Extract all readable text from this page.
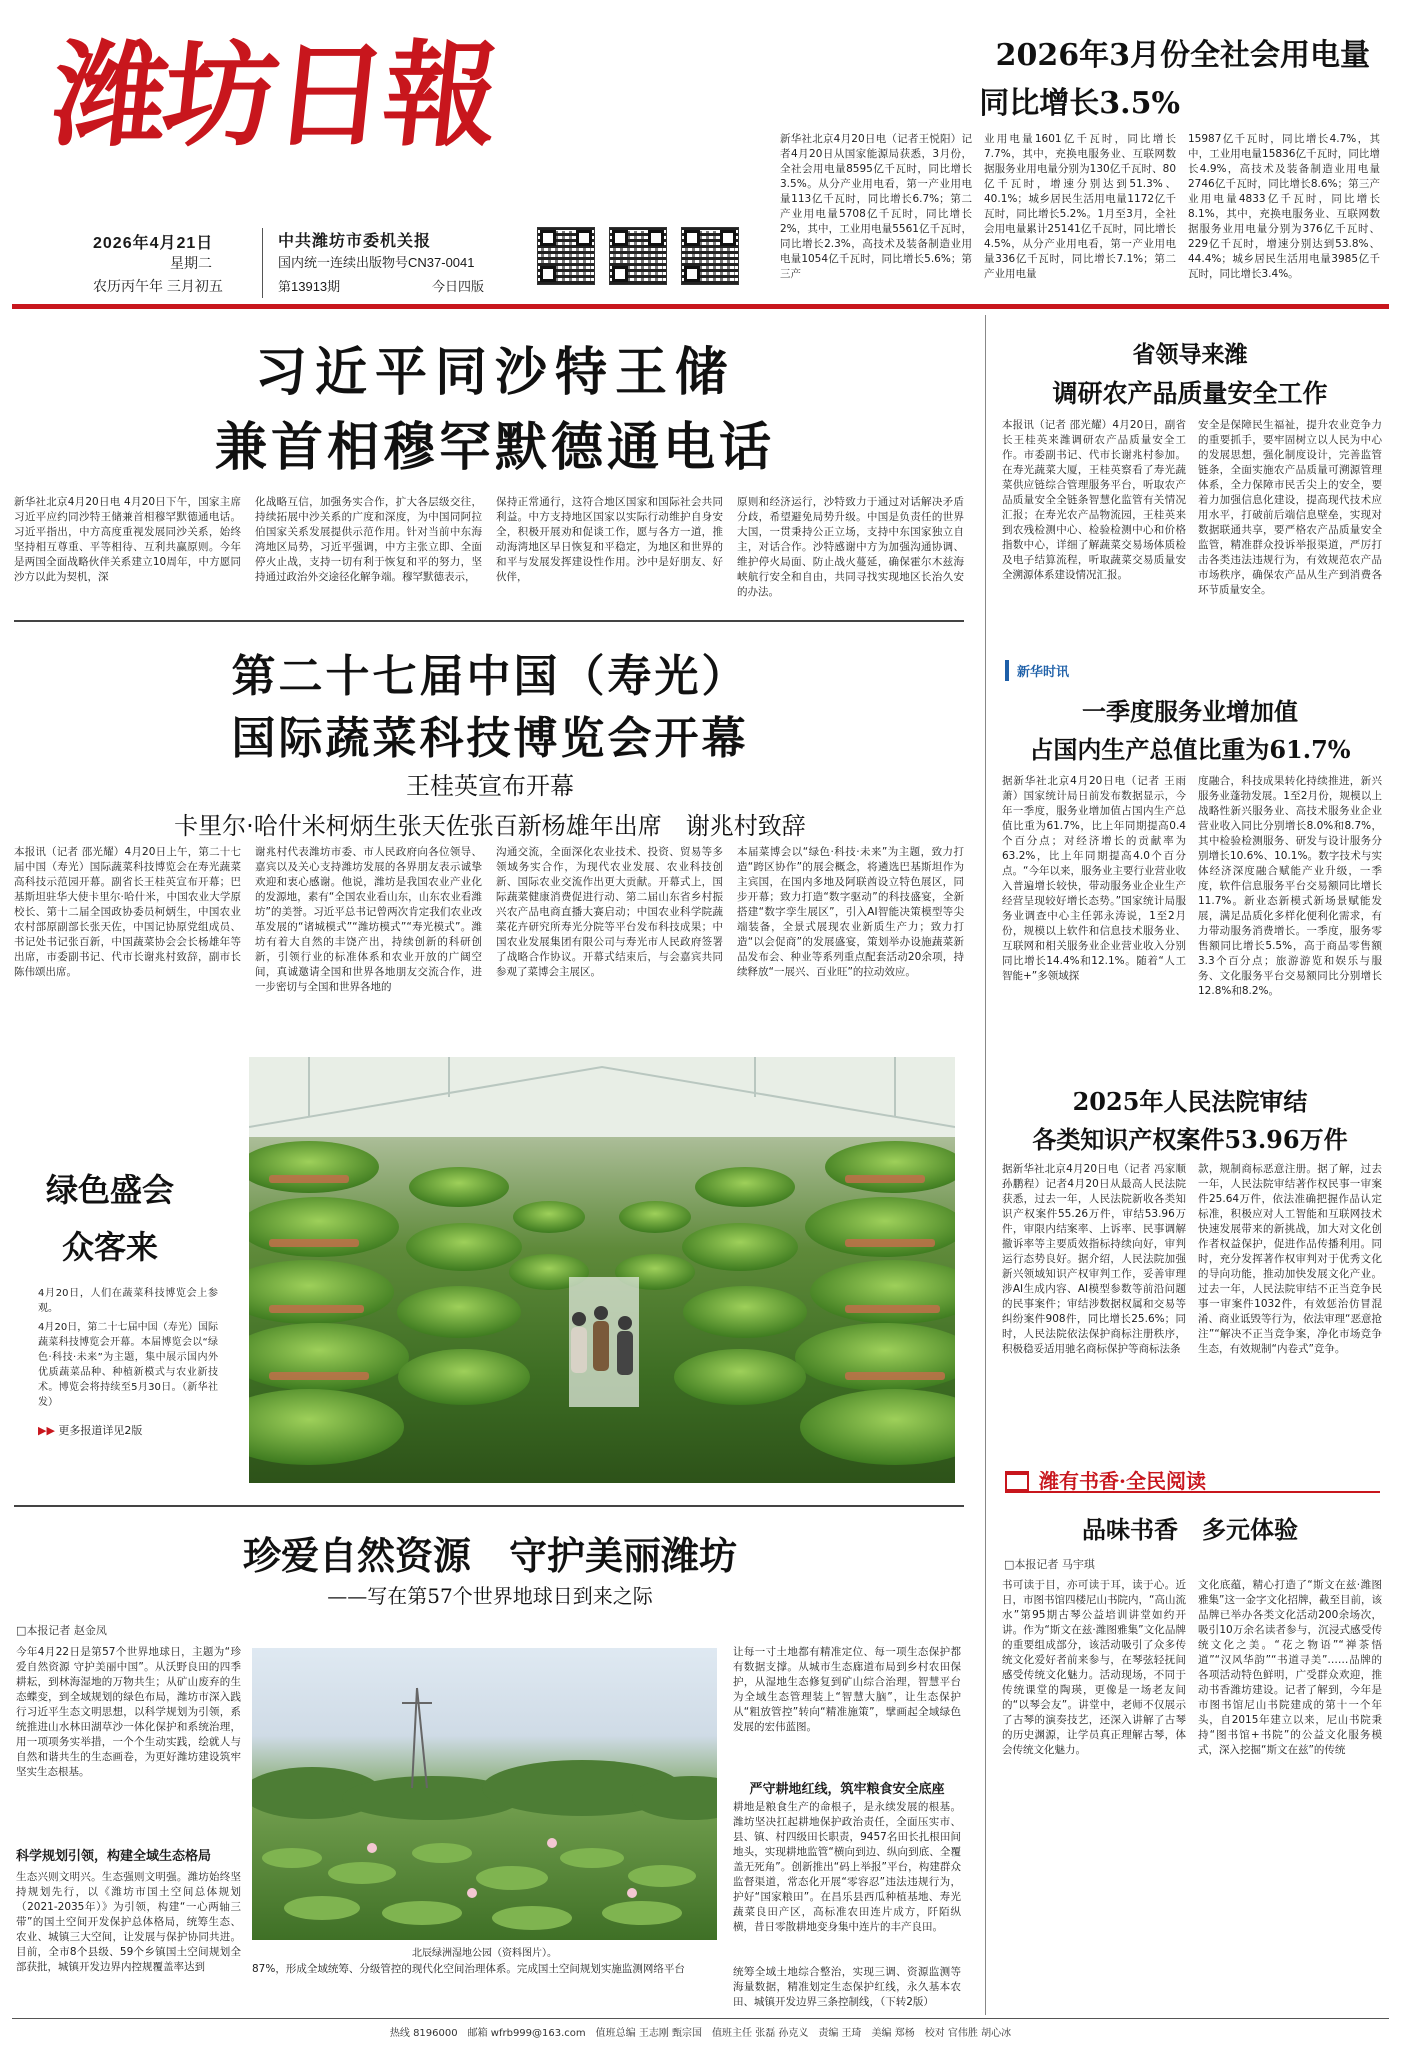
潍坊日報
2026年4月21日
星期二
农历丙午年 三月初五
中共潍坊市委机关报
国内统一连续出版物号CN37-0041
第13913期	今日四版
2026年3月份全社会用电量
同比增长3.5%
新华社北京4月20日电（记者王悦阳）记者4月20日从国家能源局获悉，3月份，全社会用电量8595亿千瓦时，同比增长3.5%。从分产业用电看，第一产业用电量113亿千瓦时，同比增长6.7%；第二产业用电量5708亿千瓦时，同比增长2%，其中，工业用电量5561亿千瓦时，同比增长2.3%，高技术及装备制造业用电量1054亿千瓦时，同比增长5.6%；第三产
业用电量1601亿千瓦时，同比增长7.7%，其中，充换电服务业、互联网数据服务业用电量分别为130亿千瓦时、80亿千瓦时，增速分别达到51.3%、40.1%；城乡居民生活用电量1172亿千瓦时，同比增长5.2%。1月至3月，全社会用电量累计25141亿千瓦时，同比增长4.5%，从分产业用电看，第一产业用电量336亿千瓦时，同比增长7.1%；第二产业用电量
15987亿千瓦时，同比增长4.7%，其中，工业用电量15836亿千瓦时，同比增长4.9%，高技术及装备制造业用电量2746亿千瓦时，同比增长8.6%；第三产业用电量4833亿千瓦时，同比增长8.1%，其中，充换电服务业、互联网数据服务业用电量分别为376亿千瓦时、229亿千瓦时，增速分别达到53.8%、44.4%；城乡居民生活用电量3985亿千瓦时，同比增长3.4%。
习近平同沙特王储
兼首相穆罕默德通电话
新华社北京4月20日电 4月20日下午，国家主席习近平应约同沙特王储兼首相穆罕默德通电话。习近平指出，中方高度重视发展同沙关系，始终坚持相互尊重、平等相待、互利共赢原则。今年是两国全面战略伙伴关系建立10周年，中方愿同沙方以此为契机，深
化战略互信，加强务实合作，扩大各层级交往，持续拓展中沙关系的广度和深度，为中国同阿拉伯国家关系发展提供示范作用。针对当前中东海湾地区局势，习近平强调，中方主张立即、全面停火止战，支持一切有利于恢复和平的努力，坚持通过政治外交途径化解争端。穆罕默德表示，
保持正常通行，这符合地区国家和国际社会共同利益。中方支持地区国家以实际行动维护自身安全，积极开展劝和促谈工作，愿与各方一道，推动海湾地区早日恢复和平稳定，为地区和世界的和平与发展发挥建设性作用。沙中是好朋友、好伙伴，
原则和经济运行，沙特致力于通过对话解决矛盾分歧，希望避免局势升级。中国是负责任的世界大国，一贯秉持公正立场，支持中东国家独立自主，对话合作。沙特感谢中方为加强沟通协调、维护停火局面、防止战火蔓延，确保霍尔木兹海峡航行安全和自由，共同寻找实现地区长治久安的办法。
第二十七届中国（寿光）
国际蔬菜科技博览会开幕
王桂英宣布开幕
卡里尔·哈什米柯炳生张天佐张百新杨雄年出席　谢兆村致辞
本报讯（记者 邵光耀）4月20日上午，第二十七届中国（寿光）国际蔬菜科技博览会在寿光蔬菜高科技示范园开幕。副省长王桂英宣布开幕；巴基斯坦驻华大使卡里尔·哈什米，中国农业大学原校长、第十二届全国政协委员柯炳生，中国农业农村部原副部长张天佐，中国记协原党组成员、书记处书记张百新，中国蔬菜协会会长杨雄年等出席，市委副书记、代市长谢兆村致辞，副市长陈伟颂出席。
谢兆村代表潍坊市委、市人民政府向各位领导、嘉宾以及关心支持潍坊发展的各界朋友表示诚挚欢迎和衷心感谢。他说，潍坊是我国农业产业化的发源地，素有“全国农业看山东，山东农业看潍坊”的美誉。习近平总书记曾两次肯定我们农业改革发展的“诸城模式”“潍坊模式”“寿光模式”。潍坊有着大自然的丰饶产出，持续创新的科研创新，引领行业的标准体系和农业开放的广阔空间，真诚邀请全国和世界各地朋友交流合作，进一步密切与全国和世界各地的
沟通交流，全面深化农业技术、投资、贸易等多领域务实合作，为现代农业发展、农业科技创新、国际农业交流作出更大贡献。开幕式上，国际蔬菜健康消费促进行动、第二届山东省乡村振兴农产品电商直播大赛启动；中国农业科学院蔬菜花卉研究所寿光分院等平台发布科技成果；中国农业发展集团有限公司与寿光市人民政府签署了战略合作协议。开幕式结束后，与会嘉宾共同参观了菜博会主展区。
本届菜博会以“绿色·科技·未来”为主题，致力打造“跨区协作”的展会概念，将遴选巴基斯坦作为主宾国，在国内多地及阿联酋设立特色展区，同步开幕；致力打造“数字驱动”的科技盛宴，全新搭建“数字孪生展区”，引入AI智能决策模型等尖端装备，全景式展现农业新质生产力；致力打造“以会促商”的发展盛宴，策划举办设施蔬菜新品发布会、种业等系列重点配套活动20余项，持续释放“一展兴、百业旺”的拉动效应。
绿色盛会
众客来
4月20日，人们在蔬菜科技博览会上参观。
4月20日，第二十七届中国（寿光）国际蔬菜科技博览会开幕。本届博览会以“绿色·科技·未来”为主题，集中展示国内外优质蔬菜品种、种植新模式与农业新技术。博览会将持续至5月30日。（新华社发）
▶▶ 更多报道详见2版
珍爱自然资源　守护美丽潍坊
——写在第57个世界地球日到来之际
□本报记者 赵金凤
今年4月22日是第57个世界地球日，主题为“珍爱自然资源 守护美丽中国”。从沃野良田的四季耕耘，到林海湿地的万物共生；从矿山废弃的生态蝶变，到全域规划的绿色布局，潍坊市深入践行习近平生态文明思想，以科学规划为引领，系统推进山水林田湖草沙一体化保护和系统治理，用一项项务实举措，一个个生动实践，绘就人与自然和谐共生的生态画卷，为更好潍坊建设筑牢坚实生态根基。
科学规划引领，构建全域生态格局
生态兴则文明兴。生态强则文明强。潍坊始终坚持规划先行，以《潍坊市国土空间总体规划（2021-2035年）》为引领，构建“一心两轴三带”的国土空间开发保护总体格局，统筹生态、农业、城镇三大空间，让发展与保护协同共进。目前，全市8个县级、59个乡镇国土空间规划全部获批，城镇开发边界内控规覆盖率达到
北辰绿洲湿地公园（资料图片）。
87%，形成全域统筹、分级管控的现代化空间治理体系。完成国土空间规划实施监测网络平台
让每一寸土地都有精准定位、每一项生态保护都有数据支撑。从城市生态廊道布局到乡村农田保护，从湿地生态修复到矿山综合治理，智慧平台为全域生态管理装上“智慧大脑”，让生态保护从“粗放管控”转向“精准施策”，擘画起全域绿色发展的宏伟蓝图。
严守耕地红线，筑牢粮食安全底座
耕地是粮食生产的命根子，是永续发展的根基。潍坊坚决扛起耕地保护政治责任，全面压实市、县、镇、村四级田长职责，9457名田长扎根田间地头，实现耕地监管“横向到边、纵向到底、全覆盖无死角”。创新推出“码上举报”平台，构建群众监督渠道，常态化开展“零容忍”违法违规行为，护好“国家粮田”。在昌乐县西瓜种植基地、寿光蔬菜良田产区，高标准农田连片成方，阡陌纵横，昔日零散耕地变身集中连片的丰产良田。
统筹全域土地综合整治，实现三调、资源监测等海量数据，精准划定生态保护红线，永久基本农田、城镇开发边界三条控制线，（下转2版）
省领导来潍
调研农产品质量安全工作
本报讯（记者 邵光耀）4月20日，副省长王桂英来潍调研农产品质量安全工作。市委副书记、代市长谢兆村参加。在寿光蔬菜大厦，王桂英察看了寿光蔬菜供应链综合管理服务平台，听取农产品质量安全全链条智慧化监管有关情况汇报；在寿光农产品物流园，王桂英来到农残检测中心、检验检测中心和价格指数中心，详细了解蔬菜交易场体质检及电子结算流程，听取蔬菜交易质量安全溯源体系建设情况汇报。
安全是保障民生福祉，提升农业竞争力的重要抓手，要牢固树立以人民为中心的发展思想，强化制度设计，完善监管链条，全面实施农产品质量可溯源管理体系，全力保障市民舌尖上的安全，要着力加强信息化建设，提高现代技术应用水平，打破前后端信息壁垒，实现对数据联通共享，要严格农产品质量安全监管，精准群众投诉举报渠道，严厉打击各类违法违规行为，有效规范农产品市场秩序，确保农产品从生产到消费各环节质量安全。
新华时讯
一季度服务业增加值
占国内生产总值比重为61.7%
据新华社北京4月20日电（记者 王雨萧）国家统计局日前发布数据显示，今年一季度，服务业增加值占国内生产总值比重为61.7%，比上年同期提高0.4个百分点；对经济增长的贡献率为63.2%，比上年同期提高4.0个百分点。“今年以来，服务业主要行业营业收入普遍增长较快，带动服务业企业生产经营呈现较好增长态势。”国家统计局服务业调查中心主任郭永涛说，1至2月份，规模以上软件和信息技术服务业、互联网和相关服务业企业营业收入分别同比增长14.4%和12.1%。随着“人工智能+”多领域探
度融合，科技成果转化持续推进，新兴服务业蓬勃发展。1至2月份，规模以上战略性新兴服务业、高技术服务业企业营业收入同比分别增长8.0%和8.7%，其中检验检测服务、研发与设计服务分别增长10.6%、10.1%。数字技术与实体经济深度融合赋能产业升级，一季度，软件信息服务平台交易额同比增长11.7%。新业态新模式新场景赋能发展，满足品质化多样化便利化需求，有力带动服务消费增长。一季度，服务零售额同比增长5.5%，高于商品零售额3.3个百分点；旅游游览和娱乐与服务、文化服务平台交易额同比分别增长12.8%和8.2%。
2025年人民法院审结
各类知识产权案件53.96万件
据新华社北京4月20日电（记者 冯家顺 孙鹏程）记者4月20日从最高人民法院获悉，过去一年，人民法院新收各类知识产权案件55.26万件，审结53.96万件，审限内结案率、上诉率、民事调解撤诉率等主要质效指标持续向好，审判运行态势良好。据介绍，人民法院加强新兴领域知识产权审判工作，妥善审理涉AI生成内容、AI模型参数等前沿问题的民事案件；审结涉数据权属和交易等纠纷案件908件，同比增长25.6%；同时，人民法院依法保护商标注册秩序，积极稳妥适用驰名商标保护等商标法条
款，规制商标恶意注册。据了解，过去一年，人民法院审结著作权民事一审案件25.64万件，依法准确把握作品认定标准，积极应对人工智能和互联网技术快速发展带来的新挑战，加大对文化创作者权益保护，促进作品传播利用。同时，充分发挥著作权审判对于优秀文化的导向功能，推动加快发展文化产业。过去一年，人民法院审结不正当竞争民事一审案件1032件，有效惩治仿冒混淆、商业诋毁等行为，依法审理“恶意抢注”“解决不正当竞争案，净化市场竞争生态，有效规制“内卷式”竞争。
潍有书香·全民阅读
品味书香　多元体验
□本报记者 马宇琪
书可读于目，亦可读于耳，读于心。近日，市图书馆四楼尼山书院内，“高山流水”第95期古琴公益培训讲堂如约开讲。作为“斯文在兹·潍图雅集”文化品牌的重要组成部分，该活动吸引了众多传统文化爱好者前来参与，在琴弦轻抚间感受传统文化魅力。活动现场，不同于传统课堂的陶瑛，更像是一场老友间的“以琴会友”。讲堂中，老师不仅展示了古琴的演奏技艺，还深入讲解了古琴的历史渊源，让学员真正理解古琴，体会传统文化魅力。
文化底蕴，精心打造了“斯文在兹·潍图雅集”这一金字文化招牌，截至目前，该品牌已举办各类文化活动200余场次，吸引10万余名读者参与，沉浸式感受传统文化之美。“花之物语”“禅茶悟道”“汉风华韵”“书道寻美”……品牌的各项活动特色鲜明，广受群众欢迎，推动书香潍坊建设。记者了解到，今年是市图书馆尼山书院建成的第十一个年头，自2015年建立以来，尼山书院秉持“图书馆+书院”的公益文化服务模式，深入挖掘“斯文在兹”的传统
热线 8196000　邮箱 wfrb999@163.com　值班总编 王志刚 甄宗国　值班主任 张磊 孙克义　责编 王琦　美编 郑杨　校对 官伟胜 胡心冰
